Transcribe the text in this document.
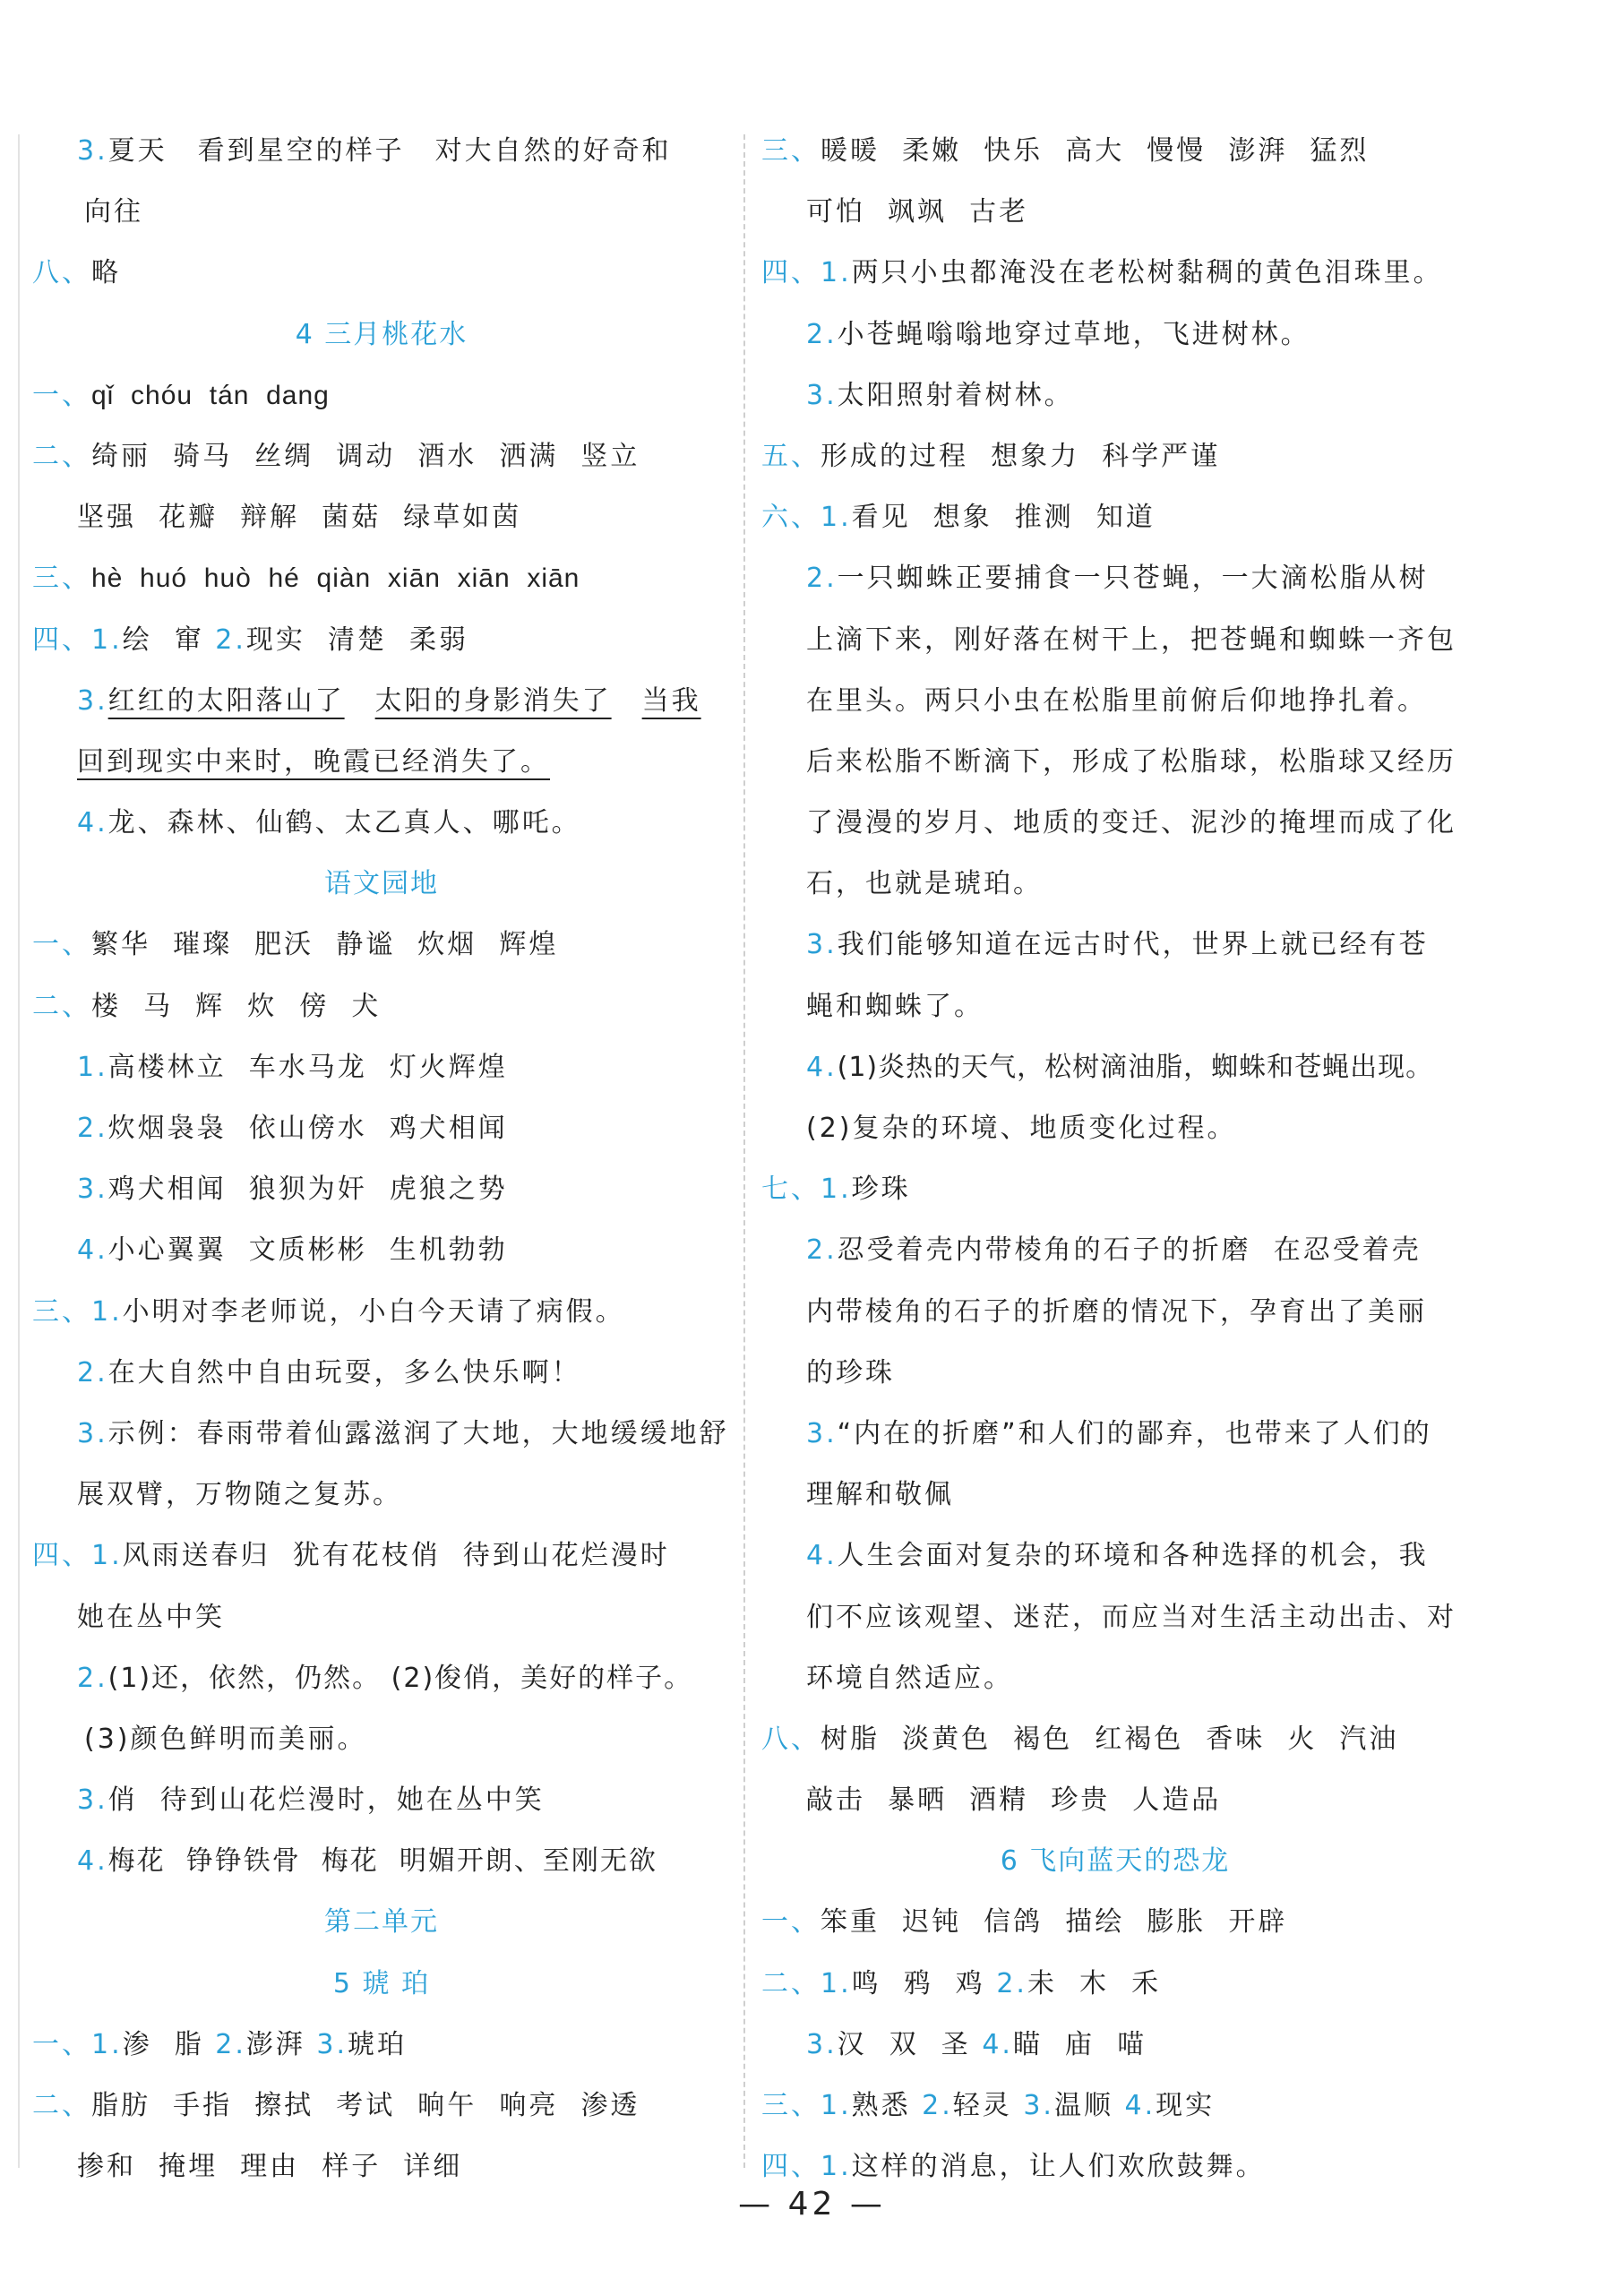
3.夏天 看到星空的样子 对大自然的好奇和
向往
八、略
4 三月桃花水
一、qǐ  chóu  tán  dang
二、绮丽  骑马  丝绸  调动  酒水  洒满  竖立
坚强  花瓣  辩解  菌菇  绿草如茵
三、hè  huó  huò  hé  qiàn  xiān  xiān  xiān
四、1.绘  窜 2.现实  清楚  柔弱
3.红红的太阳落山了 太阳的身影消失了 当我
回到现实中来时，晚霞已经消失了。
4.龙、森林、仙鹤、太乙真人、哪吒。
语文园地
一、繁华  璀璨  肥沃  静谧  炊烟  辉煌
二、楼  马  辉  炊  傍  犬
1.高楼林立  车水马龙  灯火辉煌
2.炊烟袅袅  依山傍水  鸡犬相闻
3.鸡犬相闻  狼狈为奸  虎狼之势
4.小心翼翼  文质彬彬  生机勃勃
三、1.小明对李老师说，小白今天请了病假。
2.在大自然中自由玩耍，多么快乐啊！
3.示例：春雨带着仙露滋润了大地，大地缓缓地舒
展双臂，万物随之复苏。
四、1.风雨送春归  犹有花枝俏  待到山花烂漫时
她在丛中笑
2.(1)还，依然，仍然。 (2)俊俏，美好的样子。
(3)颜色鲜明而美丽。
3.俏  待到山花烂漫时，她在丛中笑
4.梅花  铮铮铁骨  梅花  明媚开朗、至刚无欲
第二单元
5 琥 珀
一、1.渗  脂 2.澎湃 3.琥珀
二、脂肪  手指  擦拭  考试  晌午  响亮  渗透
掺和  掩埋  理由  样子  详细
三、暖暖  柔嫩  快乐  高大  慢慢  澎湃  猛烈
可怕  飒飒  古老
四、1.两只小虫都淹没在老松树黏稠的黄色泪珠里。
2.小苍蝇嗡嗡地穿过草地，飞进树林。
3.太阳照射着树林。
五、形成的过程  想象力  科学严谨
六、1.看见  想象  推测  知道
2.一只蜘蛛正要捕食一只苍蝇，一大滴松脂从树
上滴下来，刚好落在树干上，把苍蝇和蜘蛛一齐包
在里头。两只小虫在松脂里前俯后仰地挣扎着。
后来松脂不断滴下，形成了松脂球，松脂球又经历
了漫漫的岁月、地质的变迁、泥沙的掩埋而成了化
石，也就是琥珀。
3.我们能够知道在远古时代，世界上就已经有苍
蝇和蜘蛛了。
4.(1)炎热的天气，松树滴油脂，蜘蛛和苍蝇出现。
(2)复杂的环境、地质变化过程。
七、1.珍珠
2.忍受着壳内带棱角的石子的折磨  在忍受着壳
内带棱角的石子的折磨的情况下，孕育出了美丽
的珍珠
3.“内在的折磨”和人们的鄙弃，也带来了人们的
理解和敬佩
4.人生会面对复杂的环境和各种选择的机会，我
们不应该观望、迷茫，而应当对生活主动出击、对
环境自然适应。
八、树脂  淡黄色  褐色  红褐色  香味  火  汽油
敲击  暴晒  酒精  珍贵  人造品
6 飞向蓝天的恐龙
一、笨重  迟钝  信鸽  描绘  膨胀  开辟
二、1.鸣  鸦  鸡 2.未  木  禾
3.汉  双  圣 4.瞄  庙  喵
三、1.熟悉 2.轻灵 3.温顺 4.现实
四、1.这样的消息，让人们欢欣鼓舞。
— 42 —
